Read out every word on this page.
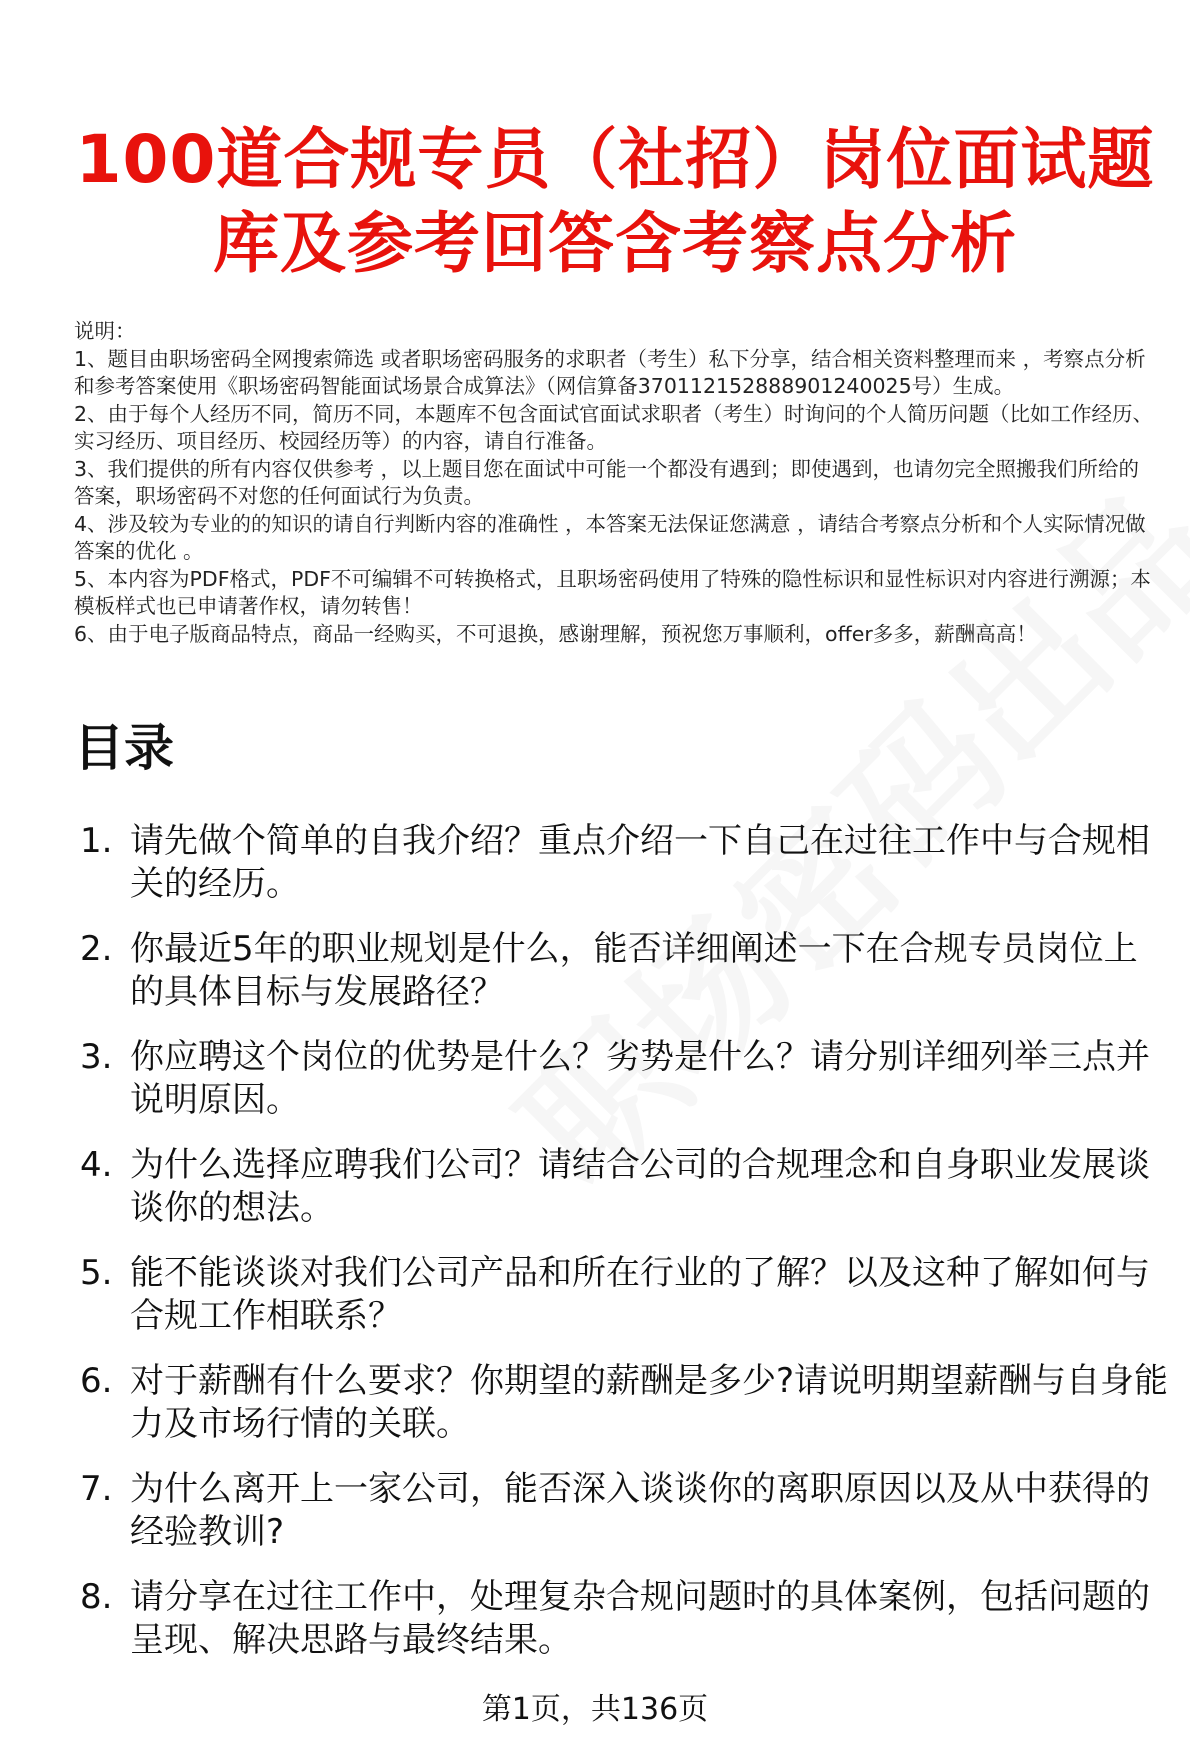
100道合规专员（社招）岗位面试题
库及参考回答含考察点分析

说明：

1、题目由职场密码全网搜索筛选 或者职场密码服务的求职者（考生）私下分享，结合相关资料整理而来 ，考察点分析和参考答案使用《职场密码智能面试场景合成算法》（网信算备370112152888901240025号）生成。

2、由于每个人经历不同，简历不同，本题库不包含面试官面试求职者（考生）时询问的个人简历问题（比如工作经历、实习经历、项目经历、校园经历等）的内容，请自行准备。

3、我们提供的所有内容仅供参考 ，以上题目您在面试中可能一个都没有遇到；即使遇到，也请勿完全照搬我们所给的答案，职场密码不对您的任何面试行为负责。

4、涉及较为专业的的知识的请自行判断内容的准确性 ，本答案无法保证您满意 ，请结合考察点分析和个人实际情况做答案的优化 。

5、本内容为PDF格式，PDF不可编辑不可转换格式，且职场密码使用了特殊的隐性标识和显性标识对内容进行溯源；本模板样式也已申请著作权，请勿转售！

6、由于电子版商品特点，商品一经购买，不可退换，感谢理解，预祝您万事顺利，offer多多，薪酬高高！

目录
1. 请先做个简单的自我介绍？重点介绍一下自己在过往工作中与合规相关的经历。
2. 你最近5年的职业规划是什么，能否详细阐述一下在合规专员岗位上的具体目标与发展路径？
3. 你应聘这个岗位的优势是什么？劣势是什么？请分别详细列举三点并说明原因。
4. 为什么选择应聘我们公司？请结合公司的合规理念和自身职业发展谈谈你的想法。
5. 能不能谈谈对我们公司产品和所在行业的了解？以及这种了解如何与合规工作相联系？
6. 对于薪酬有什么要求？你期望的薪酬是多少?请说明期望薪酬与自身能力及市场行情的关联。
7. 为什么离开上一家公司，能否深入谈谈你的离职原因以及从中获得的经验教训?
8. 请分享在过往工作中，处理复杂合规问题时的具体案例，包括问题的呈现、解决思路与最终结果。
第1页，共136页
